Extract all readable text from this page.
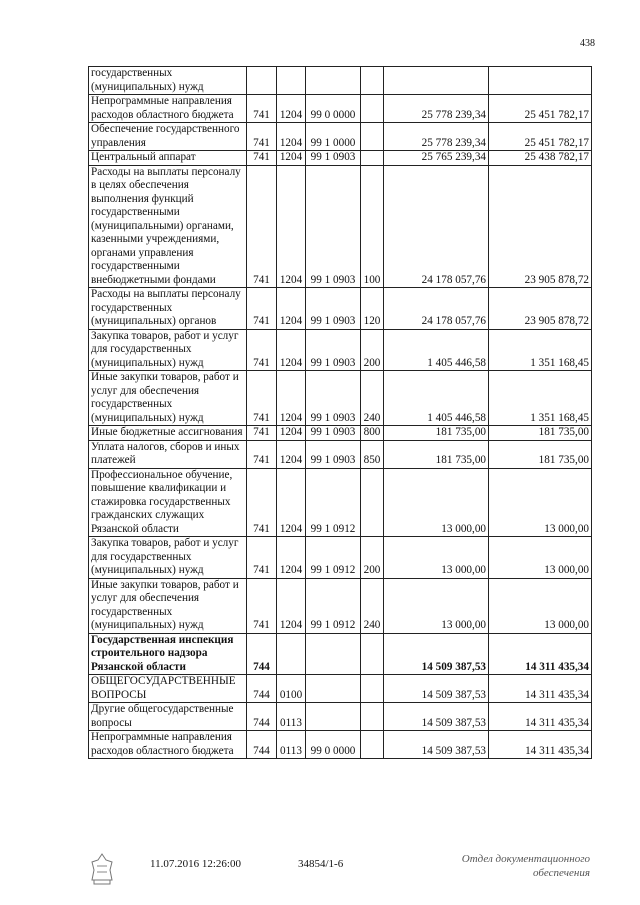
438
государственных (муниципальных) нужд						
Непрограммные направления расходов областного бюджета	741	1204	99 0 0000		25 778 239,34	25 451 782,17
Обеспечение государственного управления	741	1204	99 1 0000		25 778 239,34	25 451 782,17
Центральный аппарат	741	1204	99 1 0903		25 765 239,34	25 438 782,17
Расходы на выплаты персоналу в целях обеспечения выполнения функций государственными (муниципальными) органами, казенными учреждениями, органами управления государственными внебюджетными фондами	741	1204	99 1 0903	100	24 178 057,76	23 905 878,72
Расходы на выплаты персоналу государственных (муниципальных) органов	741	1204	99 1 0903	120	24 178 057,76	23 905 878,72
Закупка товаров, работ и услуг для государственных (муниципальных) нужд	741	1204	99 1 0903	200	1 405 446,58	1 351 168,45
Иные закупки товаров, работ и услуг для обеспечения государственных (муниципальных) нужд	741	1204	99 1 0903	240	1 405 446,58	1 351 168,45
Иные бюджетные ассигнования	741	1204	99 1 0903	800	181 735,00	181 735,00
Уплата налогов, сборов и иных платежей	741	1204	99 1 0903	850	181 735,00	181 735,00
Профессиональное обучение, повышение квалификации и стажировка государственных гражданских служащих Рязанской области	741	1204	99 1 0912		13 000,00	13 000,00
Закупка товаров, работ и услуг для государственных (муниципальных) нужд	741	1204	99 1 0912	200	13 000,00	13 000,00
Иные закупки товаров, работ и услуг для обеспечения государственных (муниципальных) нужд	741	1204	99 1 0912	240	13 000,00	13 000,00
Государственная инспекция строительного надзора Рязанской области	744				14 509 387,53	14 311 435,34
ОБЩЕГОСУДАРСТВЕННЫЕ ВОПРОСЫ	744	0100			14 509 387,53	14 311 435,34
Другие общегосударственные вопросы	744	0113			14 509 387,53	14 311 435,34
Непрограммные направления расходов областного бюджета	744	0113	99 0 0000		14 509 387,53	14 311 435,34
11.07.2016 12:26:00	34854/1-6	Отдел документационного
обеспечения
